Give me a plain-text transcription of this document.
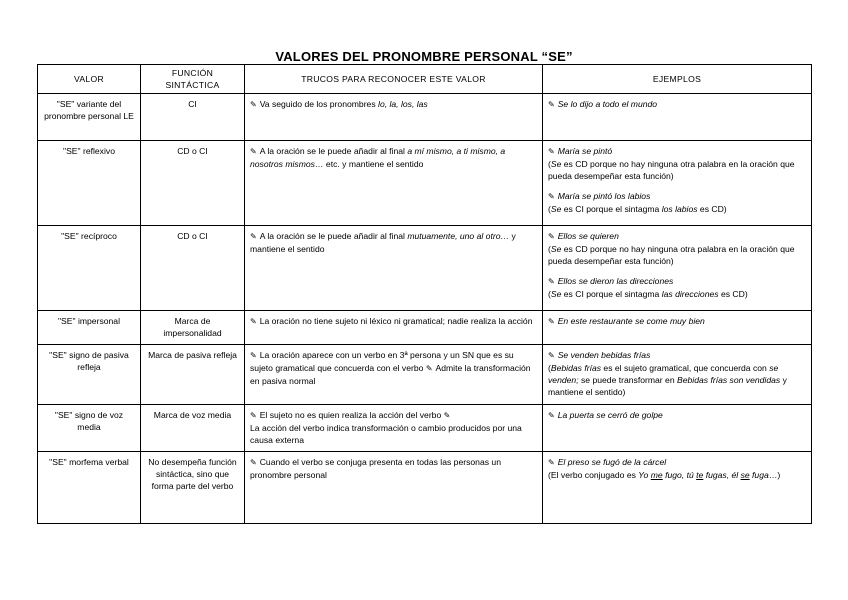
VALORES DEL PRONOMBRE PERSONAL “SE”
VALOR	FUNCIÓN SINTÁCTICA	TRUCOS PARA RECONOCER ESTE VALOR	EJEMPLOS
"SE" variante del pronombre personal LE	CI	✎ Va seguido de los pronombres lo, la, los, las	✎ Se lo dijo a todo el mundo
"SE" reflexivo	CD o CI	✎ A la oración se le puede añadir al final a mí mismo, a ti mismo, a nosotros mismos… etc. y mantiene el sentido	✎ María se pintó
(Se es CD porque no hay ninguna otra palabra en la oración que pueda desempeñar esta función)
✎ María se pintó los labios
(Se es CI porque el sintagma los labios es CD)

"SE" recíproco	CD o CI	✎ A la oración se le puede añadir al final mutuamente, uno al otro… y mantiene el sentido	✎ Ellos se quieren
(Se es CD porque no hay ninguna otra palabra en la oración que pueda desempeñar esta función)
✎ Ellos se dieron las direcciones
(Se es CI porque el sintagma las direcciones es CD)

"SE" impersonal	Marca de impersonalidad	✎ La oración no tiene sujeto ni léxico ni gramatical; nadie realiza la acción	✎ En este restaurante se come muy bien
"SE" signo de pasiva refleja	Marca de pasiva refleja	✎ La oración aparece con un verbo en 3ª persona y un SN que es su sujeto gramatical que concuerda con el verbo ✎ Admite la transformación en pasiva normal	✎ Se venden bebidas frías
(Bebidas frías es el sujeto gramatical, que concuerda con se venden; se puede transformar en Bebidas frías son vendidas y mantiene el sentido)
"SE" signo de voz media	Marca de voz media	✎ El sujeto no es quien realiza la acción del verbo ✎
La acción del verbo indica transformación o cambio producidos por una causa externa	✎ La puerta se cerró de golpe
"SE" morfema verbal	No desempeña función sintáctica, sino que forma parte del verbo	✎ Cuando el verbo se conjuga presenta en todas las personas un pronombre personal	✎ El preso se fugó de la cárcel
(El verbo conjugado es Yo me fugo, tú te fugas, él se fuga…)
